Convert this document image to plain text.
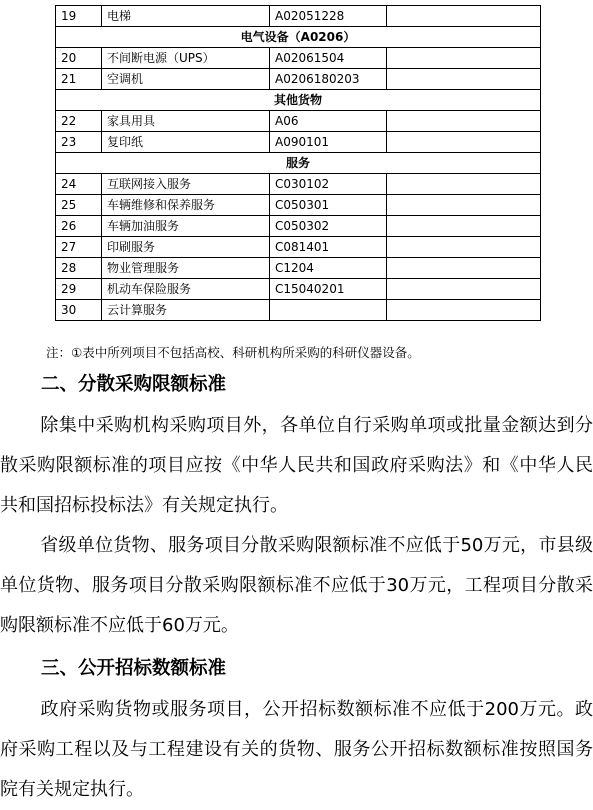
19	电梯	A02051228	
电气设备（A0206）			
20	不间断电源（UPS）	A02061504	
21	空调机	A0206180203	
其他货物			
22	家具用具	A06	
23	复印纸	A090101	
服务			
24	互联网接入服务	C030102	
25	车辆维修和保养服务	C050301	
26	车辆加油服务	C050302	
27	印刷服务	C081401	
28	物业管理服务	C1204	
29	机动车保险服务	C15040201	
30	云计算服务		
注：①表中所列项目不包括高校、科研机构所采购的科研仪器设备。
二、分散采购限额标准

除集中采购机构采购项目外，各单位自行采购单项或批量金额达到分散采购限额标准的项目应按《中华人民共和国政府采购法》和《中华人民共和国招标投标法》有关规定执行。

省级单位货物、服务项目分散采购限额标准不应低于50万元，市县级单位货物、服务项目分散采购限额标准不应低于30万元，工程项目分散采购限额标准不应低于60万元。

三、公开招标数额标准

政府采购货物或服务项目，公开招标数额标准不应低于200万元。政府采购工程以及与工程建设有关的货物、服务公开招标数额标准按照国务院有关规定执行。
